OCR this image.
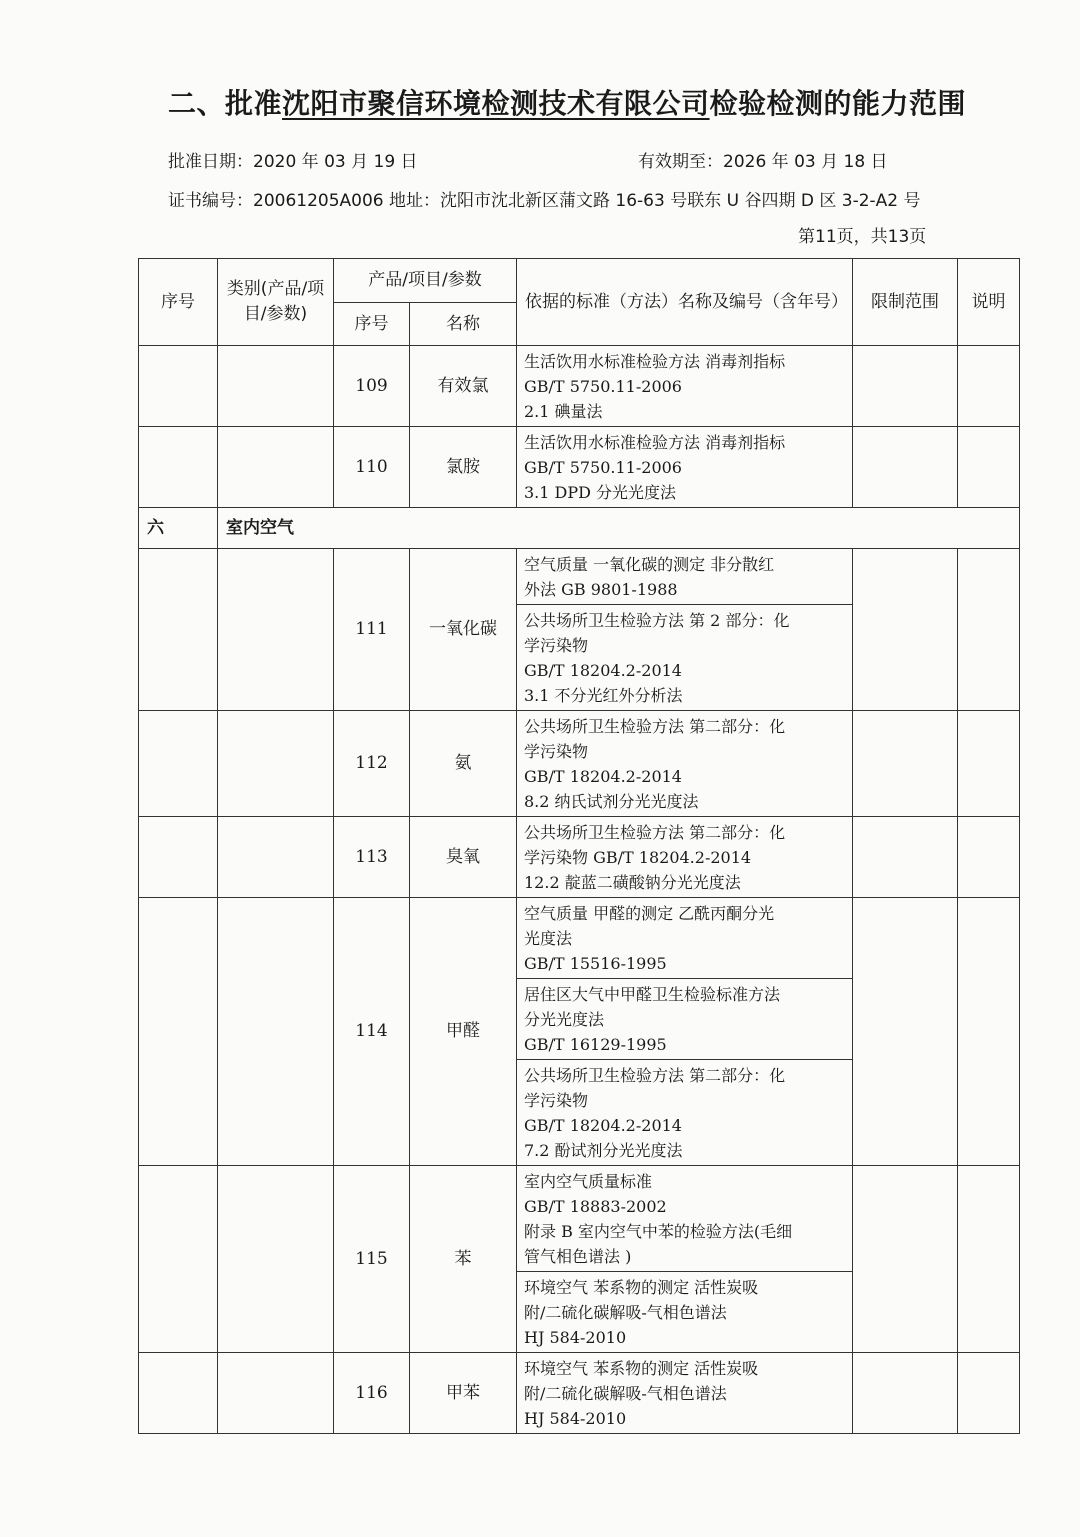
二、批准沈阳市聚信环境检测技术有限公司检验检测的能力范围
批准日期：2020 年 03 月 19 日	有效期至：2026 年 03 月 18 日
证书编号：20061205A006 地址：沈阳市沈北新区蒲文路 16-63 号联东 U 谷四期 D 区 3-2-A2 号
第11页，共13页
序号	类别(产品/项目/参数)	产品/项目/参数		依据的标准（方法）名称及编号（含年号）	限制范围	说明
		序号	名称			
		109	有效氯	生活饮用水标准检验方法 消毒剂指标
GB/T 5750.11-2006
2.1 碘量法		

		110	氯胺	生活饮用水标准检验方法 消毒剂指标
GB/T 5750.11-2006
3.1 DPD 分光光度法		

六	室内空气					
		111	一氧化碳	空气质量 一氧化碳的测定 非分散红
外法 GB 9801-1988		

				公共场所卫生检验方法 第 2 部分：化
学污染物
GB/T 18204.2-2014
3.1 不分光红外分析法		

		112	氨	公共场所卫生检验方法 第二部分：化
学污染物
GB/T 18204.2-2014
8.2 纳氏试剂分光光度法		

		113	臭氧	公共场所卫生检验方法 第二部分：化
学污染物 GB/T 18204.2-2014
12.2 靛蓝二磺酸钠分光光度法		

		114	甲醛	空气质量 甲醛的测定 乙酰丙酮分光
光度法
GB/T 15516-1995		

				居住区大气中甲醛卫生检验标准方法
分光光度法
GB/T 16129-1995		

				公共场所卫生检验方法 第二部分：化
学污染物
GB/T 18204.2-2014
7.2 酚试剂分光光度法		

		115	苯	室内空气质量标准
GB/T 18883-2002
附录 B 室内空气中苯的检验方法(毛细
管气相色谱法 )		

				环境空气 苯系物的测定 活性炭吸
附/二硫化碳解吸-气相色谱法
HJ 584-2010		

		116	甲苯	环境空气 苯系物的测定 活性炭吸
附/二硫化碳解吸-气相色谱法
HJ 584-2010		
